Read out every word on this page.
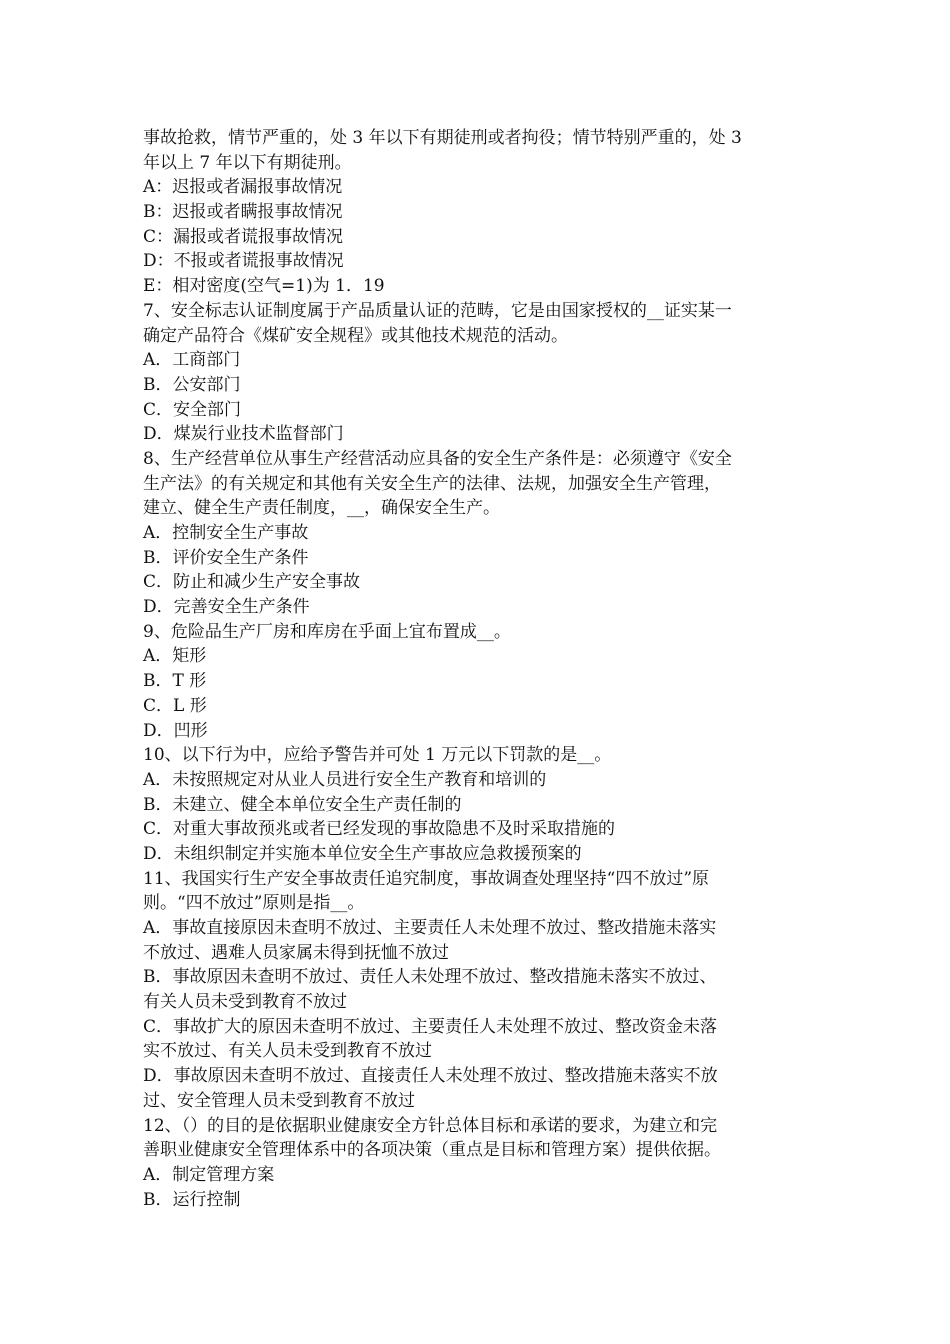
事故抢救，情节严重的，处 3 年以下有期徒刑或者拘役；情节特别严重的，处 3
年以上 7 年以下有期徒刑。
A：迟报或者漏报事故情况
B：迟报或者瞒报事故情况
C：漏报或者谎报事故情况
D：不报或者谎报事故情况
E：相对密度(空气=1)为 1．19
7、安全标志认证制度属于产品质量认证的范畴，它是由国家授权的__证实某一
确定产品符合《煤矿安全规程》或其他技术规范的活动。
A．工商部门
B．公安部门
C．安全部门
D．煤炭行业技术监督部门
8、生产经营单位从事生产经营活动应具备的安全生产条件是：必须遵守《安全
生产法》的有关规定和其他有关安全生产的法律、法规，加强安全生产管理，
建立、健全生产责任制度，__，确保安全生产。
A．控制安全生产事故
B．评价安全生产条件
C．防止和减少生产安全事故
D．完善安全生产条件
9、危险品生产厂房和库房在乎面上宜布置成__。
A．矩形
B．T 形
C．L 形
D．凹形
10、以下行为中，应给予警告并可处 1 万元以下罚款的是__。
A．未按照规定对从业人员进行安全生产教育和培训的
B．未建立、健全本单位安全生产责任制的
C．对重大事故预兆或者已经发现的事故隐患不及时采取措施的
D．未组织制定并实施本单位安全生产事故应急救援预案的
11、我国实行生产安全事故责任追究制度，事故调查处理坚持“四不放过”原
则。“四不放过”原则是指__。
A．事故直接原因未查明不放过、主要责任人未处理不放过、整改措施未落实
不放过、遇难人员家属未得到抚恤不放过
B．事故原因未查明不放过、责任人未处理不放过、整改措施未落实不放过、
有关人员未受到教育不放过
C．事故扩大的原因未查明不放过、主要责任人未处理不放过、整改资金未落
实不放过、有关人员未受到教育不放过
D．事故原因未查明不放过、直接责任人未处理不放过、整改措施未落实不放
过、安全管理人员未受到教育不放过
12、（）的目的是依据职业健康安全方针总体目标和承诺的要求，为建立和完
善职业健康安全管理体系中的各项决策（重点是目标和管理方案）提供依据。
A．制定管理方案
B．运行控制
